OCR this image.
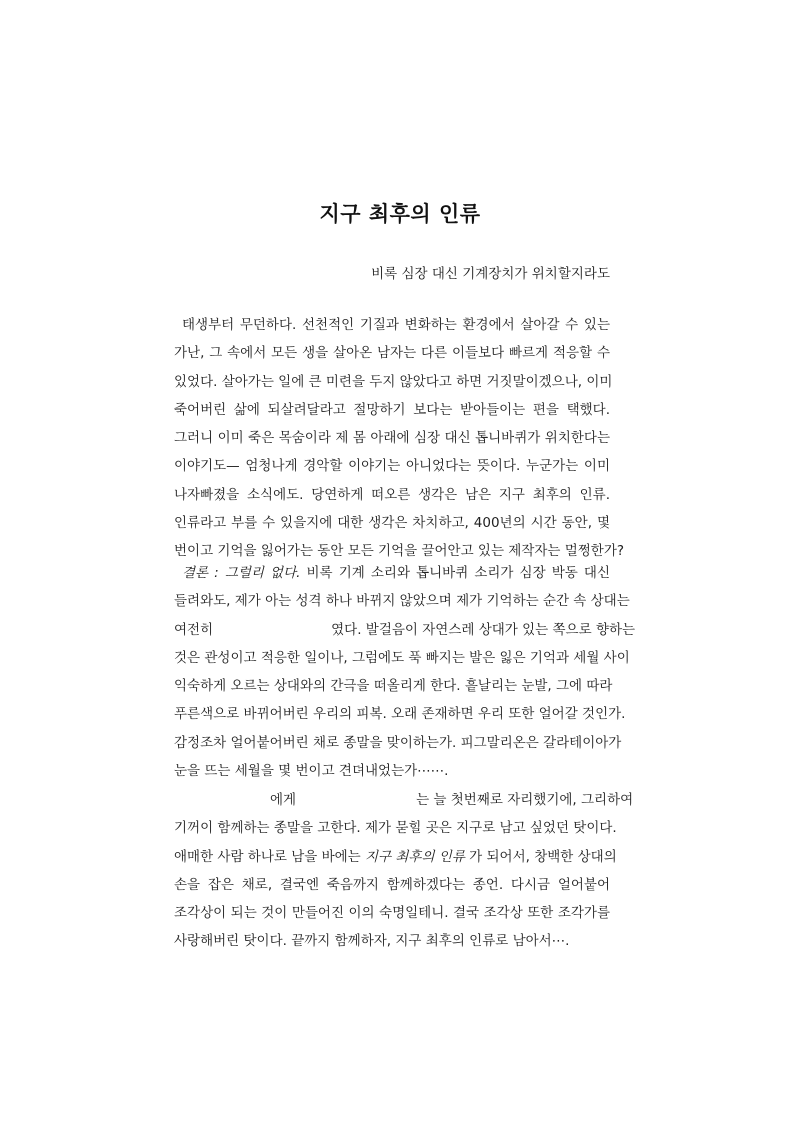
지구 최후의 인류

비록 심장 대신 기계장치가 위치할지라도

태생부터 무던하다. 선천적인 기질과 변화하는 환경에서 살아갈 수 있는
가난, 그 속에서 모든 생을 살아온 남자는 다른 이들보다 빠르게 적응할 수
있었다. 살아가는 일에 큰 미련을 두지 않았다고 하면 거짓말이겠으나, 이미
죽어버린 삶에 되살려달라고 절망하기 보다는 받아들이는 편을 택했다.
그러니 이미 죽은 목숨이라 제 몸 아래에 심장 대신 톱니바퀴가 위치한다는
이야기도— 엄청나게 경악할 이야기는 아니었다는 뜻이다. 누군가는 이미
나자빠졌을 소식에도. 당연하게 떠오른 생각은 남은 지구 최후의 인류.
인류라고 부를 수 있을지에 대한 생각은 차치하고, 400년의 시간 동안, 몇
번이고 기억을 잃어가는 동안 모든 기억을 끌어안고 있는 제작자는 멀쩡한가?
결론 : 그럴리 없다. 비록 기계 소리와 톱니바퀴 소리가 심장 박동 대신
들려와도, 제가 아는 성격 하나 바뀌지 않았으며 제가 기억하는 순간 속 상대는
여전히	였다. 발걸음이 자연스레 상대가 있는 쪽으로 향하는
것은 관성이고 적응한 일이나, 그럼에도 푹 빠지는 발은 잃은 기억과 세월 사이
익숙하게 오르는 상대와의 간극을 떠올리게 한다. 흩날리는 눈발, 그에 따라
푸른색으로 바뀌어버린 우리의 피복. 오래 존재하면 우리 또한 얼어갈 것인가.
감정조차 얼어붙어버린 채로 종말을 맞이하는가. 피그말리온은 갈라테이아가
눈을 뜨는 세월을 몇 번이고 견뎌내었는가⋯⋯.
에게	는 늘 첫번째로 자리했기에, 그리하여
기꺼이 함께하는 종말을 고한다. 제가 묻힐 곳은 지구로 남고 싶었던 탓이다.
애매한 사람 하나로 남을 바에는 지구 최후의 인류 가 되어서, 창백한 상대의
손을 잡은 채로, 결국엔 죽음까지 함께하겠다는 종언. 다시금 얼어붙어
조각상이 되는 것이 만들어진 이의 숙명일테니. 결국 조각상 또한 조각가를
사랑해버린 탓이다. 끝까지 함께하자, 지구 최후의 인류로 남아서⋯.
